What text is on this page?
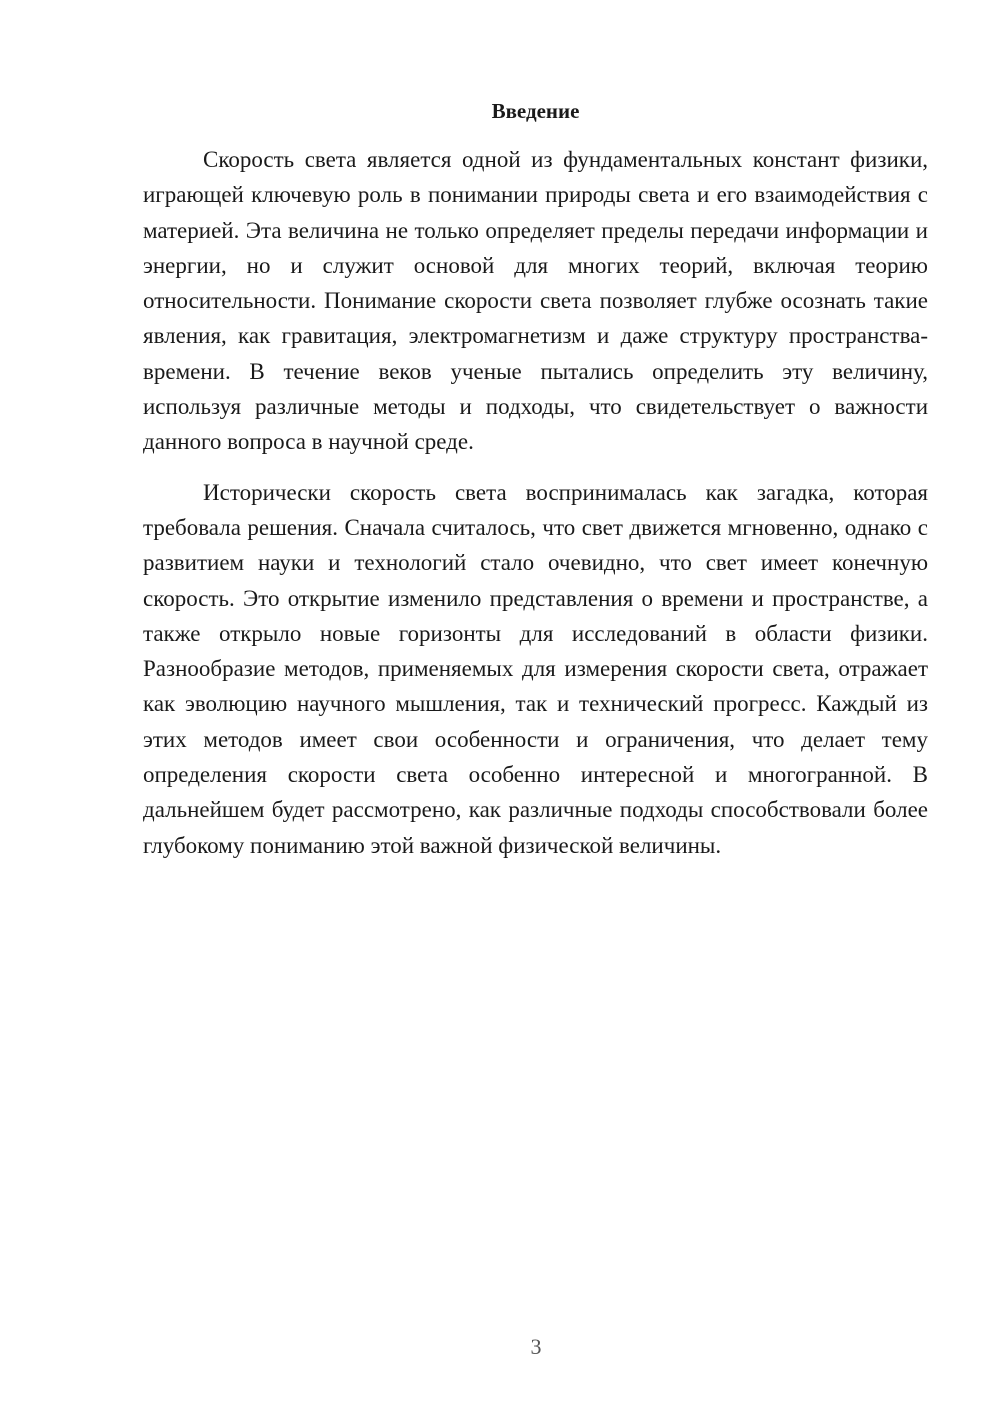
Введение

Скорость света является одной из фундаментальных констант физики, играющей ключевую роль в понимании природы света и его взаимодействия с материей. Эта величина не только определяет пределы передачи информации и энергии, но и служит основой для многих теорий, включая теорию относительности. Понимание скорости света позволяет глубже осознать такие явления, как гравитация, электромагнетизм и даже структуру пространства-времени. В течение веков ученые пытались определить эту величину, используя различные методы и подходы, что свидетельствует о важности данного вопроса в научной среде.

Исторически скорость света воспринималась как загадка, которая требовала решения. Сначала считалось, что свет движется мгновенно, однако с развитием науки и технологий стало очевидно, что свет имеет конечную скорость. Это открытие изменило представления о времени и пространстве, а также открыло новые горизонты для исследований в области физики. Разнообразие методов, применяемых для измерения скорости света, отражает как эволюцию научного мышления, так и технический прогресс. Каждый из этих методов имеет свои особенности и ограничения, что делает тему определения скорости света особенно интересной и многогранной. В дальнейшем будет рассмотрено, как различные подходы способствовали более глубокому пониманию этой важной физической величины.

3
